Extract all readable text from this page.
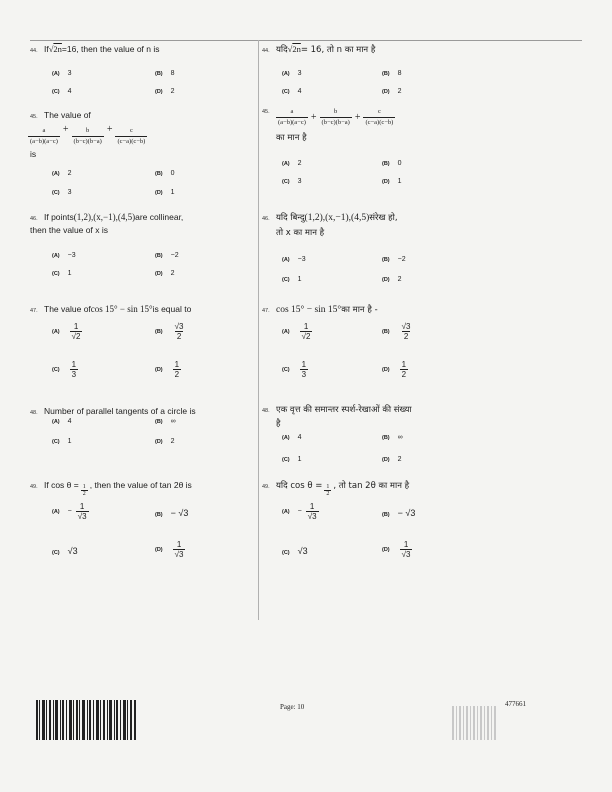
44. If √2n = 16, then the value of n is
(A) 3	(B) 8
(C) 4	(D) 2
45. The value of
a
(a−b)(a−c)
+ $\frac{b}{(b-c)(b-a)} + \frac{c}{(c-a)(c-b)}$
is
(A) 2	(B) 0
(C) 3	(D) 1
46. If points (1,2),(x,−1),(4,5) are collinear,
then the value of x is
(A) −3	(B) −2
(C) 1	(D) 2
47. The value of cos 15° − sin 15° is equal to
$(A) \frac{1}{√2}$	$(B) \frac{√3}{2}$
$(C) \frac{1}{3}$	$(D) \frac{1}{2}$
48. Number of parallel tangents of a circle is
(A) 4	(B) ∞
(C) 1	(D) 2
49. If $\cos \theta = \frac{1}{2}$ , then the value of tan 2θ is
$(A) - \frac{1}{√3}$	(B) − √3
(C) √3	$(D) \frac{1}{√3}$
44. यदि √2n = 16, तो n का मान है
(A) 3	(B) 8
(C) 4	(D) 2
45.	a
$(a-b)(a-c) + \frac{b}{(b-c)(b-a)} + \frac{c}{(c-a)(c-b)}$
का मान है
(A) 2	(B) 0
(C) 3	(D) 1
46. यदि बिन्दु (1,2),(x,−1),(4,5) संरेख हो,
तो x का मान है
(A) −3	(B) −2
(C) 1	(D) 2
47. cos 15° − sin 15° का मान है -
$(A) \frac{1}{√2}$	$(B) \frac{√3}{2}$
$(C) \frac{1}{3}$	$(D) \frac{1}{2}$
48. एक वृत्त की समान्तर स्पर्श-रेखाओं की संख्या
है
(A) 4	(B) ∞
(C) 1	(D) 2
49. यदि $\cos \theta = \frac{1}{2}$ , तो tan 2θ का मान है
$(A) - \frac{1}{√3}$	(B) − √3
(C) √3	$(D) \frac{1}{√3}$
Page: 10	477661
